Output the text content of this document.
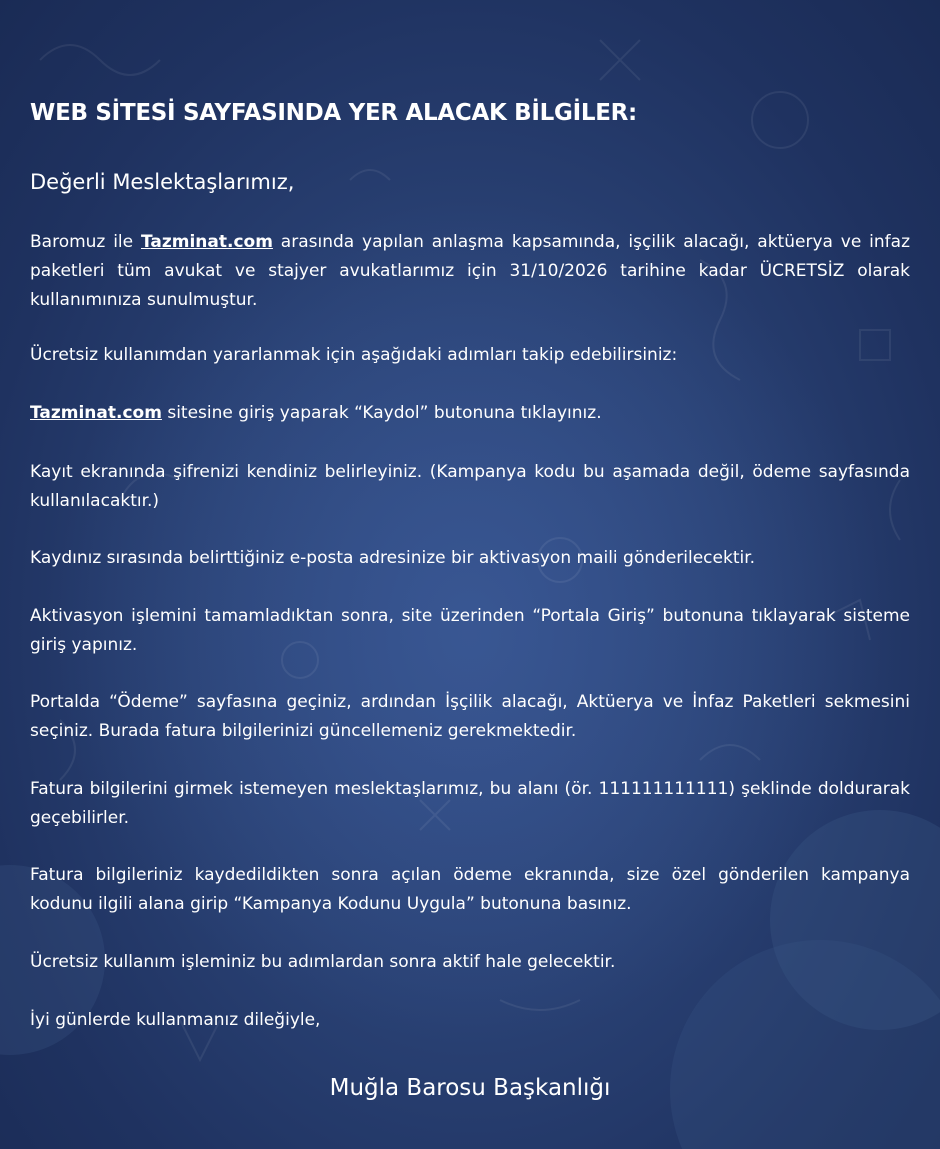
WEB SİTESİ SAYFASINDA YER ALACAK BİLGİLER:

Değerli Meslektaşlarımız,

Baromuz ile Tazminat.com arasında yapılan anlaşma kapsamında, işçilik alacağı, aktüerya ve infaz paketleri tüm avukat ve stajyer avukatlarımız için 31/10/2026 tarihine kadar ÜCRETSİZ olarak kullanımınıza sunulmuştur.

Ücretsiz kullanımdan yararlanmak için aşağıdaki adımları takip edebilirsiniz:

Tazminat.com sitesine giriş yaparak “Kaydol” butonuna tıklayınız.

Kayıt ekranında şifrenizi kendiniz belirleyiniz. (Kampanya kodu bu aşamada değil, ödeme sayfasında kullanılacaktır.)

Kaydınız sırasında belirttiğiniz e-posta adresinize bir aktivasyon maili gönderilecektir.

Aktivasyon işlemini tamamladıktan sonra, site üzerinden “Portala Giriş” butonuna tıklayarak sisteme giriş yapınız.

Portalda “Ödeme” sayfasına geçiniz, ardından İşçilik alacağı, Aktüerya ve İnfaz Paketleri sekmesini seçiniz. Burada fatura bilgilerinizi güncellemeniz gerekmektedir.

Fatura bilgilerini girmek istemeyen meslektaşlarımız, bu alanı (ör. 111111111111) şeklinde doldurarak geçebilirler.

Fatura bilgileriniz kaydedildikten sonra açılan ödeme ekranında, size özel gönderilen kampanya kodunu ilgili alana girip “Kampanya Kodunu Uygula” butonuna basınız.

Ücretsiz kullanım işleminiz bu adımlardan sonra aktif hale gelecektir.

İyi günlerde kullanmanız dileğiyle,

Muğla Barosu Başkanlığı
